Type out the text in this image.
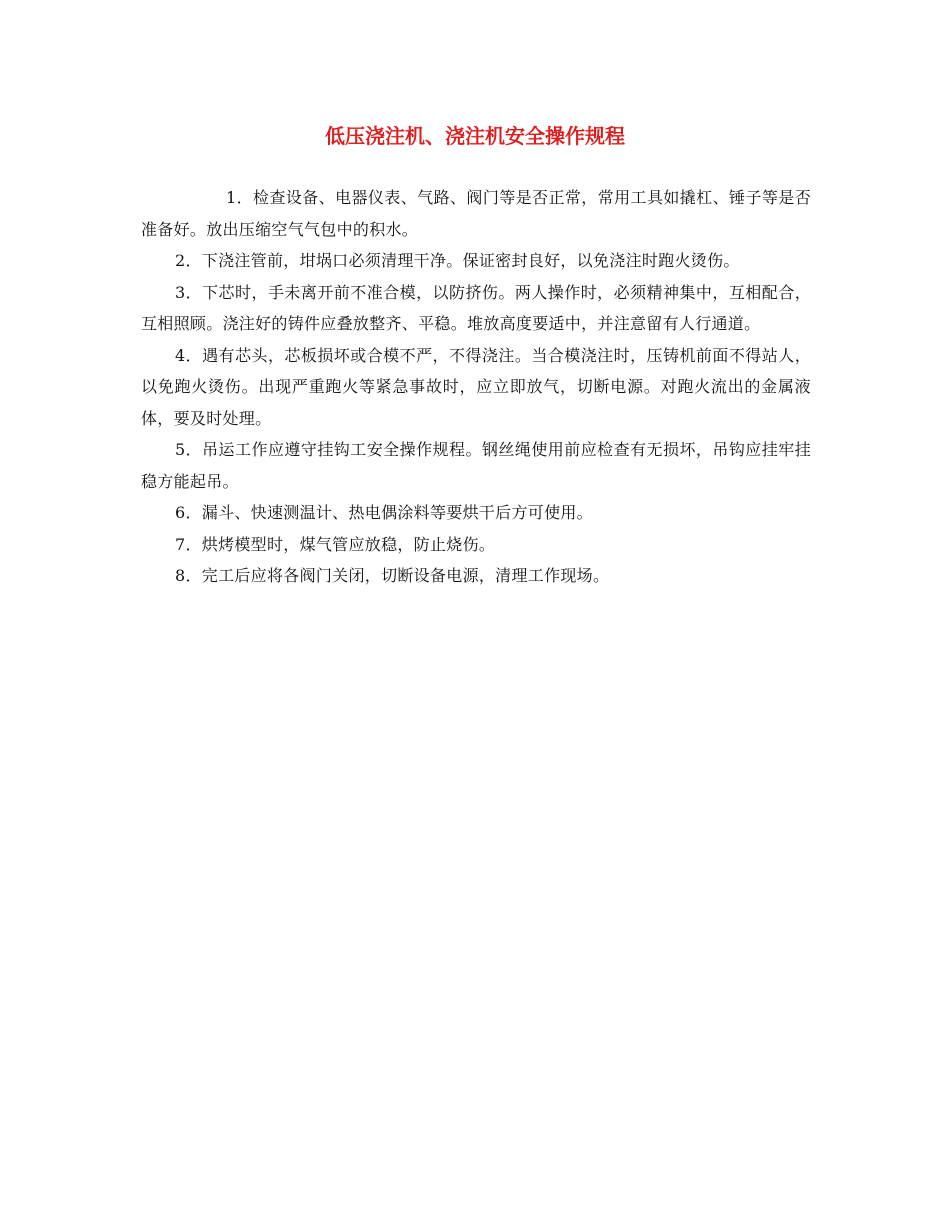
低压浇注机、浇注机安全操作规程

1．检查设备、电器仪表、气路、阀门等是否正常，常用工具如撬杠、锤子等是否准备好。放出压缩空气气包中的积水。

2．下浇注管前，坩埚口必须清理干净。保证密封良好，以免浇注时跑火烫伤。

3．下芯时，手未离开前不准合模，以防挤伤。两人操作时，必须精神集中，互相配合，互相照顾。浇注好的铸件应叠放整齐、平稳。堆放高度要适中，并注意留有人行通道。

4．遇有芯头，芯板损坏或合模不严，不得浇注。当合模浇注时，压铸机前面不得站人，以免跑火烫伤。出现严重跑火等紧急事故时，应立即放气，切断电源。对跑火流出的金属液体，要及时处理。

5．吊运工作应遵守挂钩工安全操作规程。钢丝绳使用前应检查有无损坏，吊钩应挂牢挂稳方能起吊。

6．漏斗、快速测温计、热电偶涂料等要烘干后方可使用。

7．烘烤模型时，煤气管应放稳，防止烧伤。

8．完工后应将各阀门关闭，切断设备电源，清理工作现场。
